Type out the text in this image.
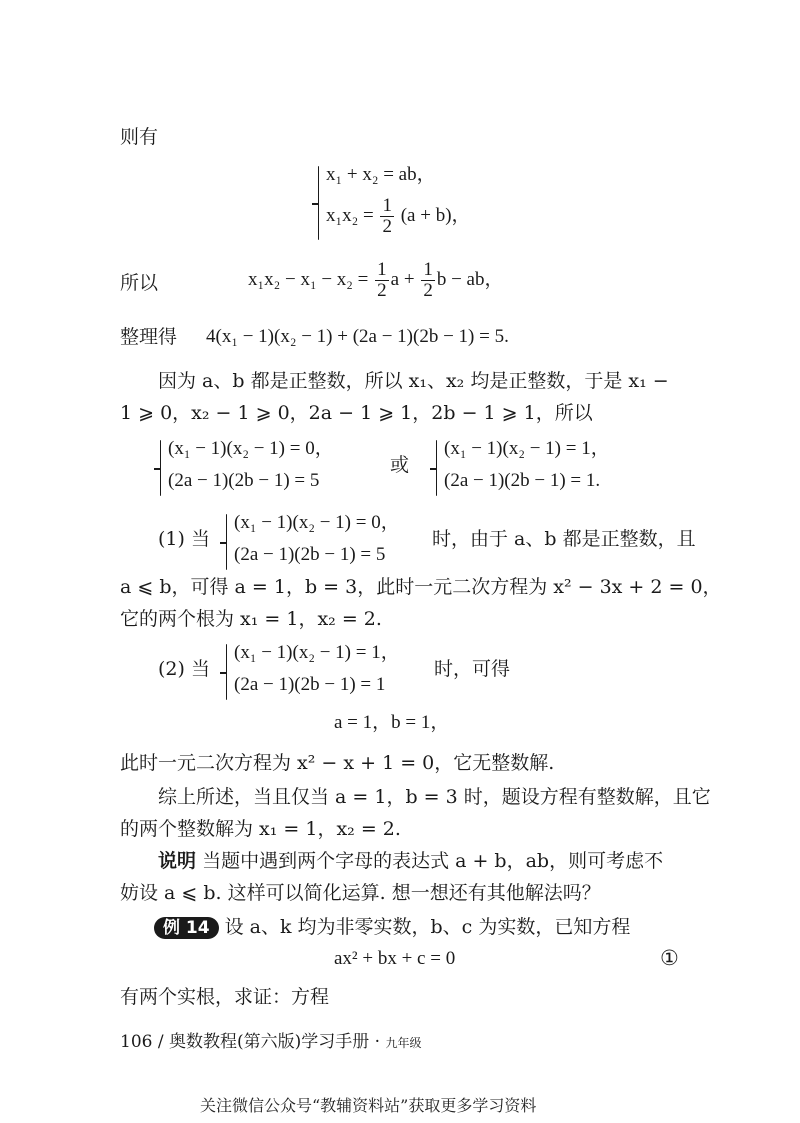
则有
x₁ + x₂ = ab，
$x_1x_2 = \frac{1}{2} (a + b)$，
所以	$x_1x_2 - x_1 - x_2 = \frac{1}{2}$ $a + \frac{1}{2}$ b − ab，
整理得 4(x₁ − 1)(x₂ − 1) + (2a − 1)(2b − 1) = 5.
因为 a、b 都是正整数，所以 x₁、x₂ 均是正整数，于是 x₁ −
1 ⩾ 0，x₂ − 1 ⩾ 0，2a − 1 ⩾ 1，2b − 1 ⩾ 1，所以
(x₁ − 1)(x₂ − 1) = 0，
(2a − 1)(2b − 1) = 5
或
(x₁ − 1)(x₂ − 1) = 1，
(2a − 1)(2b − 1) = 1.
(1) 当
(x₁ − 1)(x₂ − 1) = 0，
(2a − 1)(2b − 1) = 5
时，由于 a、b 都是正整数，且
a ⩽ b，可得 a = 1，b = 3，此时一元二次方程为 x² − 3x + 2 = 0，
它的两个根为 x₁ = 1，x₂ = 2.
(2) 当
(x₁ − 1)(x₂ − 1) = 1，
(2a − 1)(2b − 1) = 1
时，可得
a = 1，b = 1，
此时一元二次方程为 x² − x + 1 = 0，它无整数解.
综上所述，当且仅当 a = 1，b = 3 时，题设方程有整数解，且它
的两个整数解为 x₁ = 1，x₂ = 2.
说明 当题中遇到两个字母的表达式 a + b，ab，则可考虑不
妨设 a ⩽ b. 这样可以简化运算. 想一想还有其他解法吗？
例 14 设 a、k 均为非零实数，b、c 为实数，已知方程
ax² + bx + c = 0	①
有两个实根，求证：方程
106 / 奥数教程(第六版)学习手册 · 九年级
关注微信公众号“教辅资料站”获取更多学习资料
